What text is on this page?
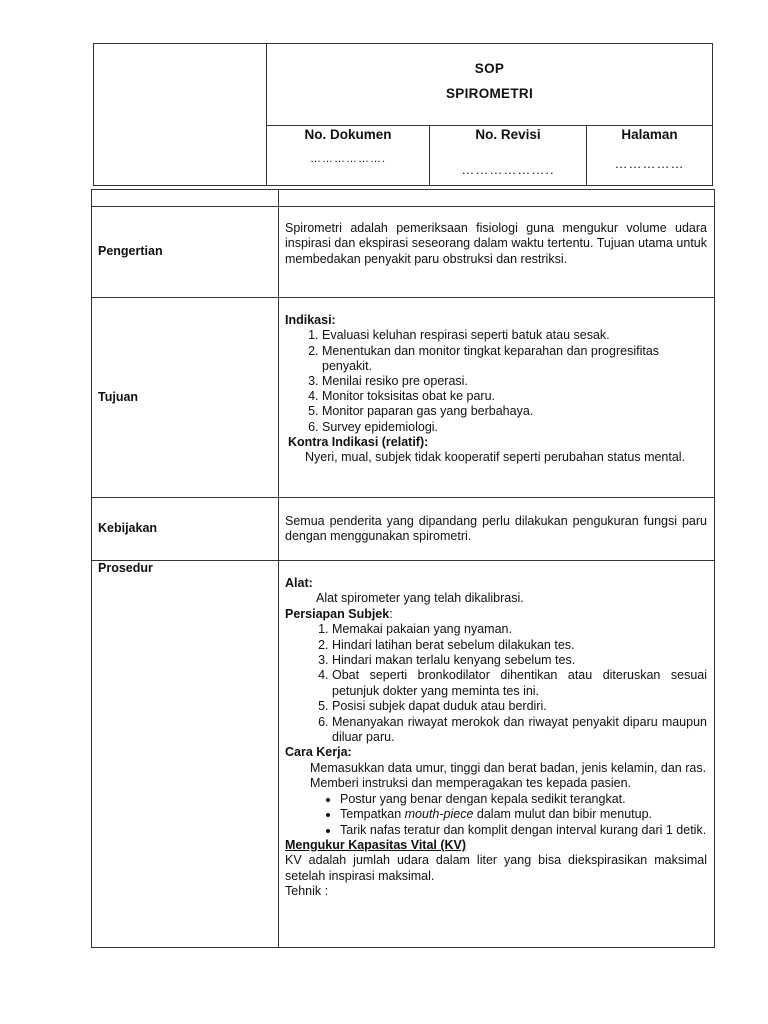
SOP
SPIROMETRI
No. Dokumen
……………….
No. Revisi
………………..
Halaman
……………
Pengertian
Spirometri adalah pemeriksaan fisiologi guna mengukur volume udara inspirasi dan ekspirasi seseorang dalam waktu tertentu. Tujuan utama untuk membedakan penyakit paru obstruksi dan restriksi.
Tujuan
Indikasi:
1. Evaluasi keluhan respirasi seperti batuk atau sesak.
2. Menentukan dan monitor tingkat keparahan dan progresifitas penyakit.
3. Menilai resiko pre operasi.
4. Monitor toksisitas obat ke paru.
5. Monitor paparan gas yang berbahaya.
6. Survey epidemiologi.
Kontra Indikasi (relatif):
Nyeri, mual, subjek tidak kooperatif seperti perubahan status mental.
Kebijakan	Semua penderita yang dipandang perlu dilakukan pengukuran fungsi paru dengan menggunakan spirometri.
Prosedur
Alat:
Alat spirometer yang telah dikalibrasi.
Persiapan Subjek:
1. Memakai pakaian yang nyaman.
2. Hindari latihan berat sebelum dilakukan tes.
3. Hindari makan terlalu kenyang sebelum tes.
4. Obat seperti bronkodilator dihentikan atau diteruskan sesuai petunjuk dokter yang meminta tes ini.
5. Posisi subjek dapat duduk atau berdiri.
6. Menanyakan riwayat merokok dan riwayat penyakit diparu maupun diluar paru.
Cara Kerja:
Memasukkan data umur, tinggi dan berat badan, jenis kelamin, dan ras.
Memberi instruksi dan memperagakan tes kepada pasien.
• Postur yang benar dengan kepala sedikit terangkat.
• Tempatkan mouth-piece dalam mulut dan bibir menutup.
• Tarik nafas teratur dan komplit dengan interval kurang dari 1 detik.
Mengukur Kapasitas Vital (KV)
KV adalah jumlah udara dalam liter yang bisa diekspirasikan maksimal setelah inspirasi maksimal.
Tehnik :
